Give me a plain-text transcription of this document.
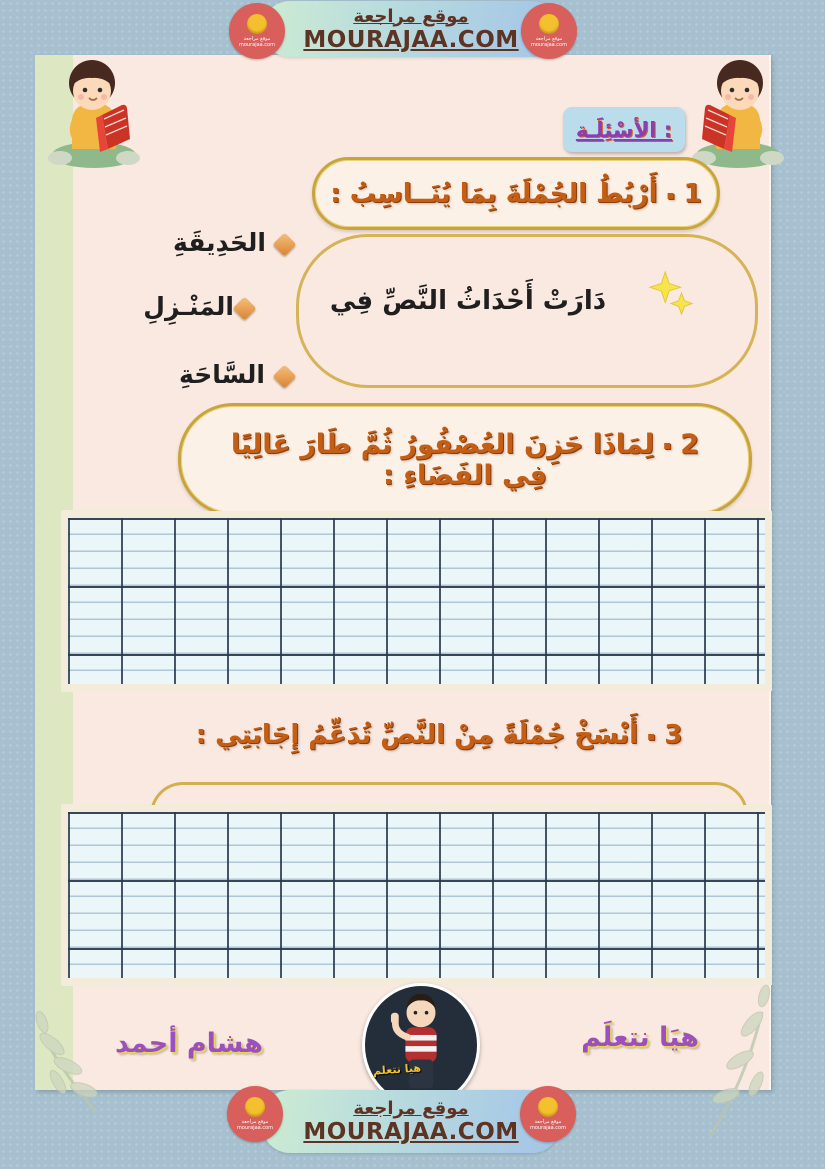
موقع مراجعة
MOURAJAA.COM
موقع مراجعة
mourajaa.com
موقع مراجعة
mourajaa.com
الأسْئِلَـة :
1
▪
أَرْبُطُ الجُمْلَةَ بِمَا يُنَــاسِبُ :
الحَدِيقَةِ
دَارَتْ أَحْدَاثُ النَّصِّ فِي
المَنْـزِلِ
السَّاحَةِ
2
▪
لِمَاذَا حَزِنَ العُصْفُورُ ثُمَّ طَارَ عَالِيًا
فِي الفَضَاءِ :
3
▪
أَنْسَخْ جُمْلَةً مِنْ النَّصِّ تُدَعِّمُ إِجَابَتِي :
هشام أحمد
هيا نتعلم
هيَا نتعلَم
موقع مراجعة
MOURAJAA.COM
موقع مراجعة
mourajaa.com
موقع مراجعة
mourajaa.com
